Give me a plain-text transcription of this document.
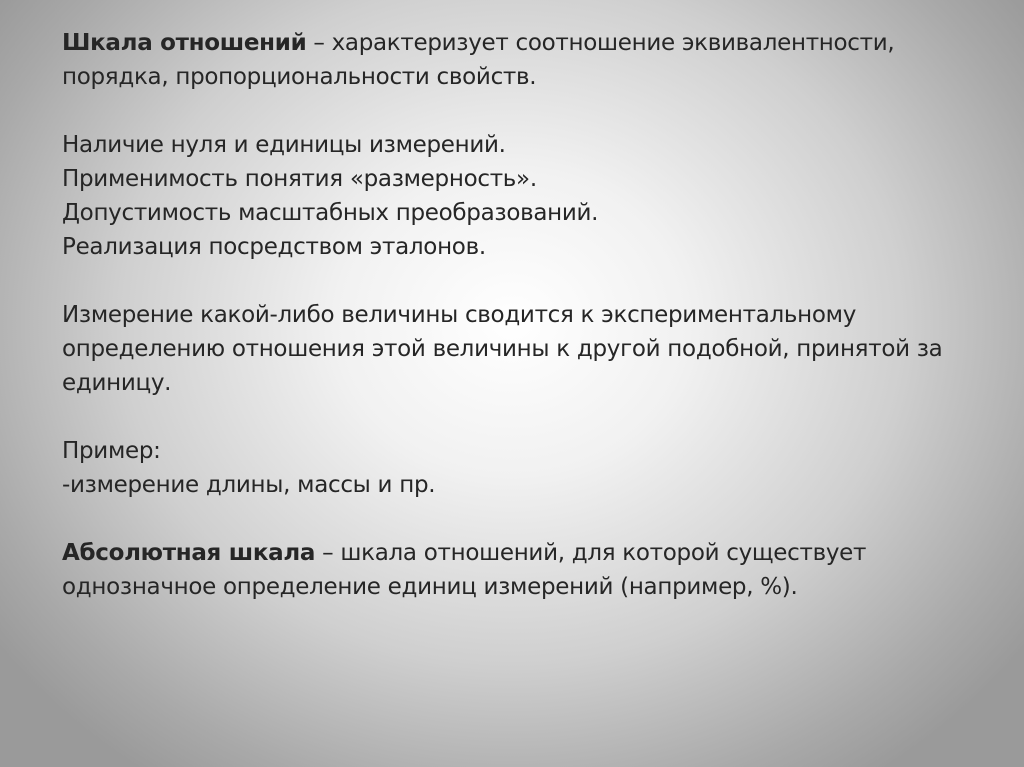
Шкала отношений – характеризует соотношение эквивалентности,
порядка, пропорциональности свойств.

Наличие нуля и единицы измерений.
Применимость понятия «размерность».
Допустимость масштабных преобразований.
Реализация посредством эталонов.

Измерение какой-либо величины сводится к экспериментальному
определению отношения этой величины к другой подобной, принятой за
единицу.

Пример:
-измерение длины, массы и пр.

Абсолютная шкала – шкала отношений, для которой существует
однозначное определение единиц измерений (например, %).
